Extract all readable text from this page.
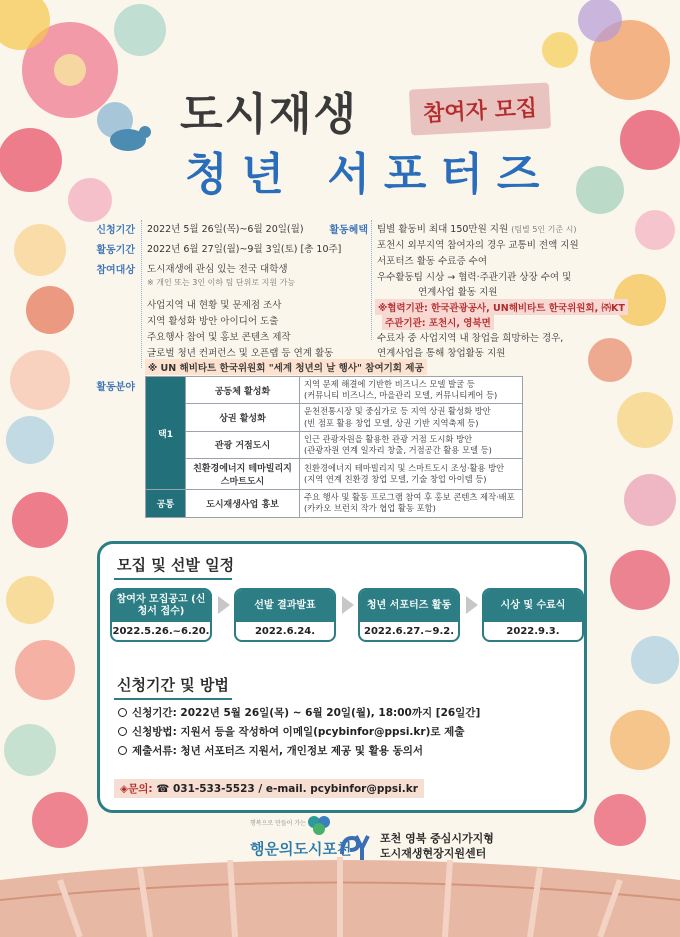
도시재생	참여자 모집
청년 서포터즈
신청기간 2022년 5월 26일(목)~6월 20일(월)
활동기간 2022년 6월 27일(월)~9월 3일(토) [총 10주]
참여대상 도시재생에 관심 있는 전국 대학생
※ 개인 또는 3인 이하 팀 단위로 지원 가능
사업지역 내 현황 및 문제점 조사
지역 활성화 방안 아이디어 도출
주요행사 참여 및 홍보 콘텐츠 제작
글로벌 청년 컨퍼런스 및 오픈랩 등 연계 활동
※ UN 해비타트 한국위원회 "세계 청년의 날 행사" 참여기회 제공
활동분야
활동혜택 팀별 활동비 최대 150만원 지원 (팀별 5인 기준 시)
포천시 외부지역 참여자의 경우 교통비 전액 지원
서포터즈 활동 수료증 수여
우수활동팀 시상 → 협력·주관기관 상장 수여 및
연계사업 활동 지원
※협력기관: 한국관광공사, UN해비타트 한국위원회, ㈜KT
주관기관: 포천시, 영북면
수료자 중 사업지역 내 창업을 희망하는 경우,
연계사업을 통해 창업활동 지원
택1	공동체 활성화	지역 문제 해결에 기반한 비즈니스 모델 발굴 등
(커뮤니티 비즈니스, 마을관리 모델, 커뮤니티케어 등)

	상권 활성화	운천전통시장 및 중심가로 등 지역 상권 활성화 방안
(빈 점포 활용 창업 모델, 상권 기반 지역축제 등)

	관광 거점도시	인근 관광자원을 활용한 관광 거점 도시화 방안
(관광자원 연계 일자리 창출, 거점공간 활용 모델 등)

	친환경에너지 테마빌리지 스마트도시	친환경에너지 테마빌리지 및 스마트도시 조성·활용 방안
(지역 연계 친환경 창업 모델, 기술 창업 아이템 등)

공통	도시재생사업 홍보	주요 행사 및 활동 프로그램 참여 후 홍보 콘텐츠 제작·배포
(카카오 브런치 작가 협업 활동 포함)
모집 및 선발 일정
참여자 모집공고 (신청서 접수)
2022.5.26.~6.20.
선발 결과발표
2022.6.24.
청년 서포터즈 활동
2022.6.27.~9.2.
시상 및 수료식
2022.9.3.
신청기간 및 방법
신청기간: 2022년 5월 26일(목) ~ 6월 20일(월), 18:00까지 [26일간]
신청방법: 지원서 등을 작성하여 이메일(pcybinfor@ppsi.kr)로 제출
제출서류: 청년 서포터즈 지원서, 개인정보 제공 및 활용 동의서
◈문의: ☎ 031-533-5523 / e-mail. pcybinfor@ppsi.kr
행복으로 만들어 가는
행운의도시포천
포천 영북 중심시가지형
도시재생현장지원센터
